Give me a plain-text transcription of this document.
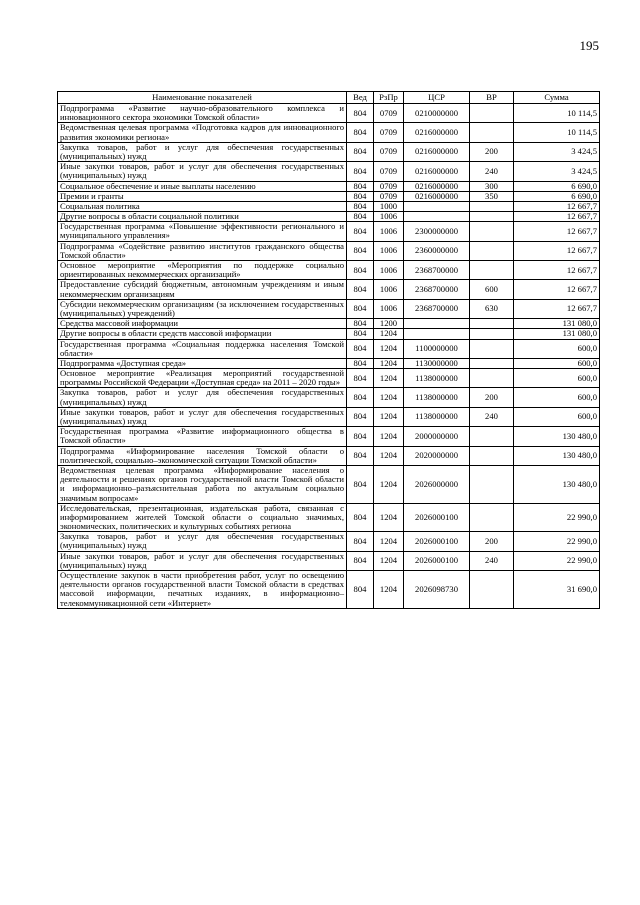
195
Наименование показателей	Вед	РзПр	ЦСР	ВР	Сумма
Подпрограмма «Развитие научно-образовательного комплекса и инновационного сектора экономики Томской области»	804	0709	0210000000		10 114,5
Ведомственная целевая программа «Подготовка кадров для инновационного развития экономики региона»	804	0709	0216000000		10 114,5
Закупка товаров, работ и услуг для обеспечения государственных (муниципальных) нужд	804	0709	0216000000	200	3 424,5
Иные закупки товаров, работ и услуг для обеспечения государственных (муниципальных) нужд	804	0709	0216000000	240	3 424,5
Социальное обеспечение и иные выплаты населению	804	0709	0216000000	300	6 690,0
Премии и гранты	804	0709	0216000000	350	6 690,0
Социальная политика	804	1000			12 667,7
Другие вопросы в области социальной политики	804	1006			12 667,7
Государственная программа «Повышение эффективности регионального и муниципального управления»	804	1006	2300000000		12 667,7
Подпрограмма «Содействие развитию институтов гражданского общества Томской области»	804	1006	2360000000		12 667,7
Основное мероприятие «Мероприятия по поддержке социально ориентированных некоммерческих организаций»	804	1006	2368700000		12 667,7
Предоставление субсидий бюджетным, автономным учреждениям и иным некоммерческим организациям	804	1006	2368700000	600	12 667,7
Субсидии некоммерческим организациям (за исключением государственных (муниципальных) учреждений)	804	1006	2368700000	630	12 667,7
Средства массовой информации	804	1200			131 080,0
Другие вопросы в области средств массовой информации	804	1204			131 080,0
Государственная программа «Социальная поддержка населения Томской области»	804	1204	1100000000		600,0
Подпрограмма «Доступная среда»	804	1204	1130000000		600,0
Основное мероприятие «Реализация мероприятий государственной программы Российской Федерации «Доступная среда» на 2011 – 2020 годы»	804	1204	1138000000		600,0
Закупка товаров, работ и услуг для обеспечения государственных (муниципальных) нужд	804	1204	1138000000	200	600,0
Иные закупки товаров, работ и услуг для обеспечения государственных (муниципальных) нужд	804	1204	1138000000	240	600,0
Государственная программа «Развитие информационного общества в Томской области»	804	1204	2000000000		130 480,0
Подпрограмма «Информирование населения Томской области о политической, социально–экономической ситуации Томской области»	804	1204	2020000000		130 480,0
Ведомственная целевая программа «Информирование населения о деятельности и решениях органов государственной власти Томской области и информационно–разъяснительная работа по актуальным социально значимым вопросам»	804	1204	2026000000		130 480,0
Исследовательская, презентационная, издательская работа, связанная с информированием жителей Томской области о социально значимых, экономических, политических и культурных событиях региона	804	1204	2026000100		22 990,0
Закупка товаров, работ и услуг для обеспечения государственных (муниципальных) нужд	804	1204	2026000100	200	22 990,0
Иные закупки товаров, работ и услуг для обеспечения государственных (муниципальных) нужд	804	1204	2026000100	240	22 990,0
Осуществление закупок в части приобретения работ, услуг по освещению деятельности органов государственной власти Томской области в средствах массовой информации, печатных изданиях, в информационно–телекоммуникационной сети «Интернет»	804	1204	2026098730		31 690,0
